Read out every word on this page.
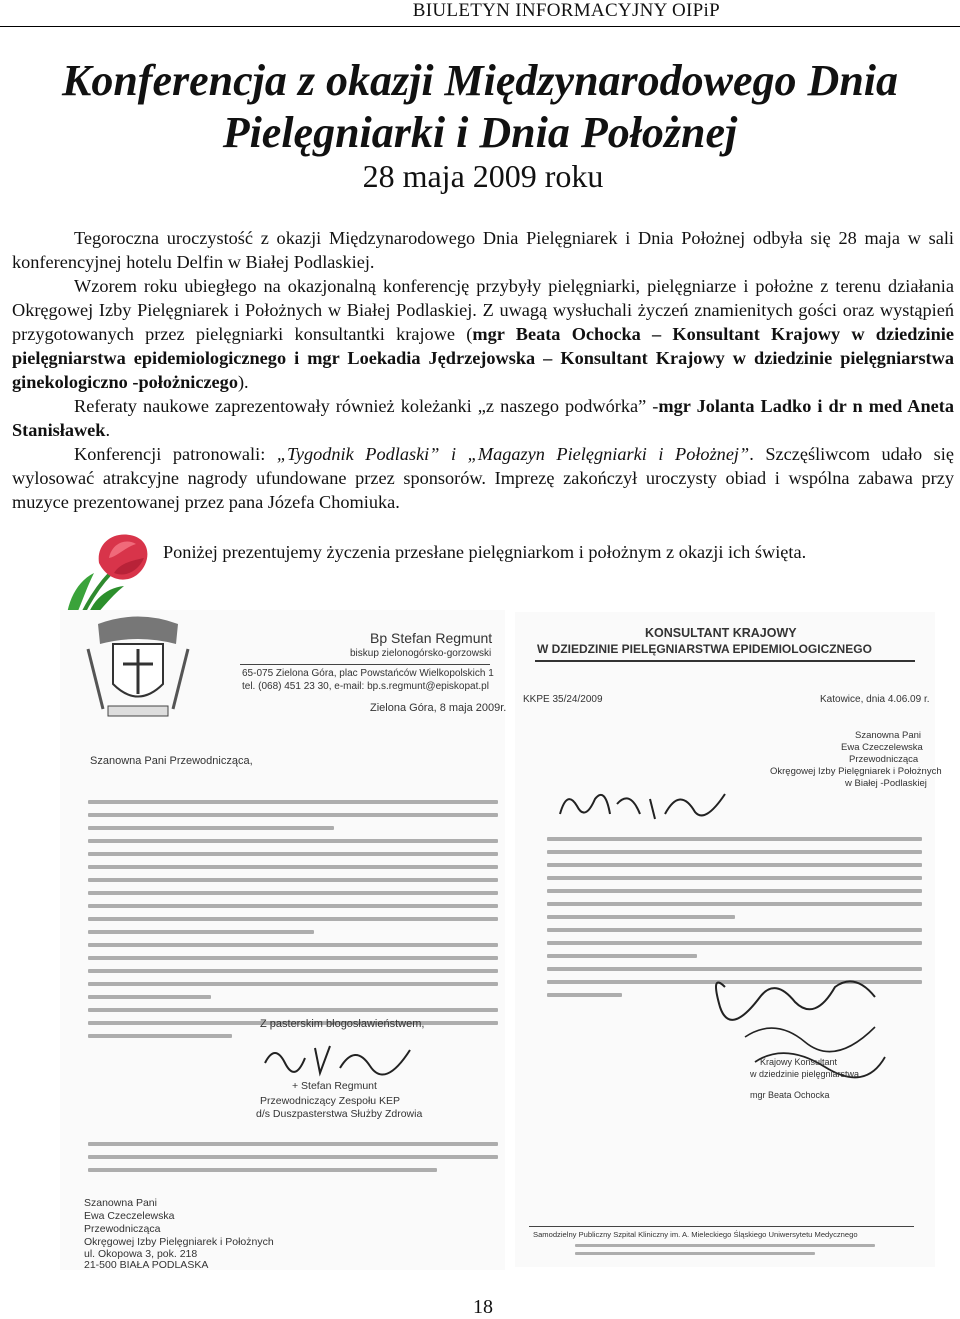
BIULETYN INFORMACYJNY OIPiP
Konferencja z okazji Międzynarodowego Dnia
Pielęgniarki i Dnia Położnej
28 maja 2009 roku

Tegoroczna uroczystość z okazji Międzynarodowego Dnia Pielęgniarek i Dnia Położnej odbyła się 28 maja w sali konferencyjnej hotelu Delfin w Białej Podlaskiej.

Wzorem roku ubiegłego na okazjonalną konferencję przybyły pielęgniarki, pielęgniarze i położne z terenu działania Okręgowej Izby Pielęgniarek i Położnych w Białej Podlaskiej. Z uwagą wysłuchali życzeń znamienitych gości oraz wystąpień przygotowanych przez pielęgniarki konsultantki krajowe (mgr Beata Ochocka – Konsultant Krajowy w dziedzinie pielęgniarstwa epidemiologicznego i mgr Loekadia Jędrzejowska – Konsultant Krajowy w dziedzinie pielęgniarstwa ginekologiczno -położniczego).

Referaty naukowe zaprezentowały również koleżanki „z naszego podwórka” -mgr Jolanta Ladko i dr n med Aneta Stanisławek.

Konferencji patronowali: „Tygodnik Podlaski” i „Magazyn Pielęgniarki i Położnej”. Szczęśliwcom udało się wylosować atrakcyjne nagrody ufundowane przez sponsorów. Imprezę zakończył uroczysty obiad i wspólna zabawa przy muzyce prezentowanej przez pana Józefa Chomiuka.

Poniżej prezentujemy życzenia przesłane pielęgniarkom i położnym z okazji ich święta.
Bp Stefan Regmunt
biskup zielonogórsko-gorzowski
65-075 Zielona Góra, plac Powstańców Wielkopolskich 1
tel. (068) 451 23 30, e-mail: bp.s.regmunt@episkopat.pl
Zielona Góra, 8 maja 2009r.
Szanowna Pani Przewodnicząca,
Z pasterskim błogosławieństwem,
+ Stefan Regmunt
Przewodniczący Zespołu KEP
d/s Duszpasterstwa Służby Zdrowia
Szanowna Pani
Ewa Czeczelewska
Przewodnicząca
Okręgowej Izby Pielęgniarek i Położnych
ul. Okopowa 3, pok. 218
21-500 BIAŁA PODLASKA
KONSULTANT KRAJOWY
W DZIEDZINIE PIELĘGNIARSTWA EPIDEMIOLOGICZNEGO
KKPE 35/24/2009	Katowice, dnia 4.06.09 r.
Szanowna Pani
Ewa Czeczelewska
Przewodnicząca
Okręgowej Izby Pielęgniarek i Położnych
w Białej -Podlaskiej
Krajowy Konsultant
w dziedzinie pielęgniarstwa
mgr Beata Ochocka
Samodzielny Publiczny Szpital Kliniczny im. A. Mieleckiego Śląskiego Uniwersytetu Medycznego
18
